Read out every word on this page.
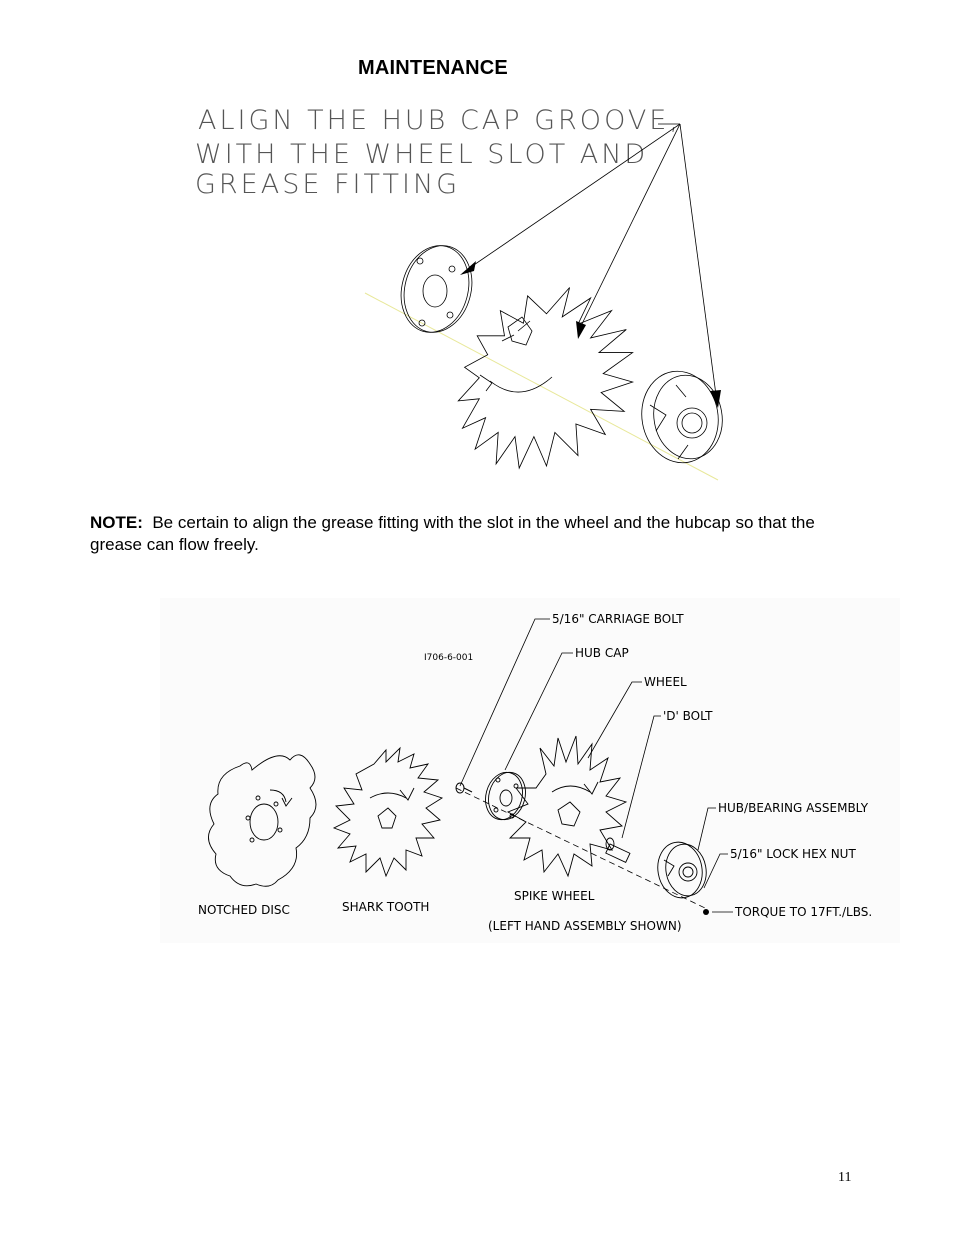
MAINTENANCE
ALIGN THE HUB CAP GROOVE,
WITH THE WHEEL SLOT AND
GREASE FITTING
NOTE: Be certain to align the grease fitting with the slot in the wheel and the hubcap so that the grease can flow freely.
I706-6-001
5/16" CARRIAGE BOLT
HUB CAP
WHEEL
'D' BOLT
HUB/BEARING ASSEMBLY
5/16" LOCK HEX NUT
TORQUE TO 17FT./LBS.
NOTCHED DISC	SHARK TOOTH
SPIKE WHEEL
(LEFT HAND ASSEMBLY SHOWN)
11
